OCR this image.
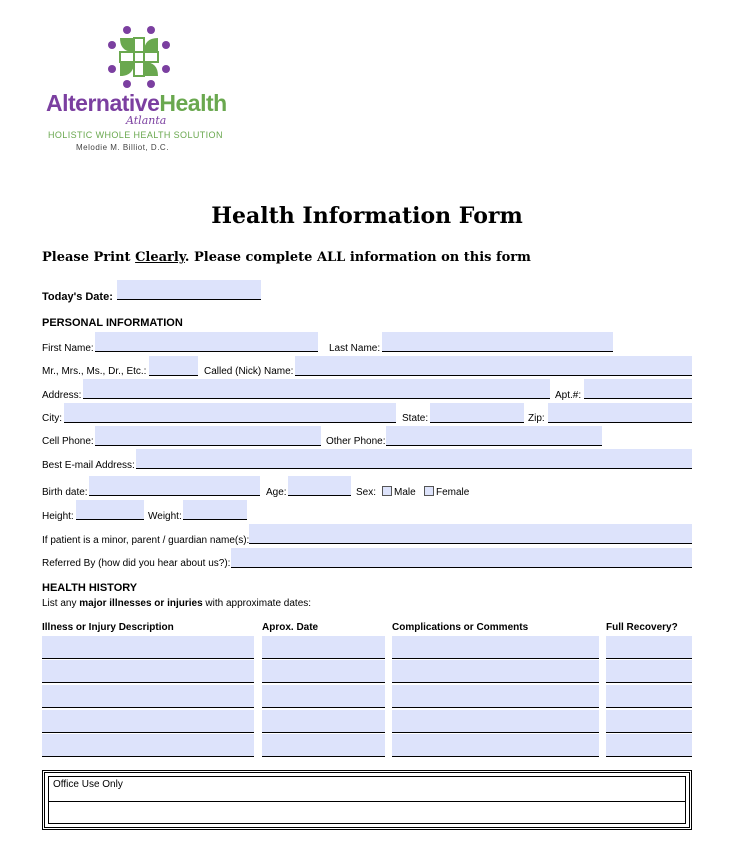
AlternativeHealth
Atlanta
HOLISTIC WHOLE HEALTH SOLUTION
Melodie M. Billiot, D.C.
Health Information Form
Please Print Clearly. Please complete ALL information on this form
Today's Date:
PERSONAL INFORMATION
First Name:	Last Name:
Mr., Mrs., Ms., Dr., Etc.:	Called (Nick) Name:
Address:	Apt.#:
City:	State:	Zip:
Cell Phone:	Other Phone:
Best E-mail Address:
Birth date:	Age:	Sex: Male Female
Height:	Weight:
If patient is a minor, parent / guardian name(s):
Referred By (how did you hear about us?):
HEALTH HISTORY
List any major illnesses or injuries with approximate dates:
Illness or Injury Description	Aprox. Date	Complications or Comments	Full Recovery?
Office Use Only
